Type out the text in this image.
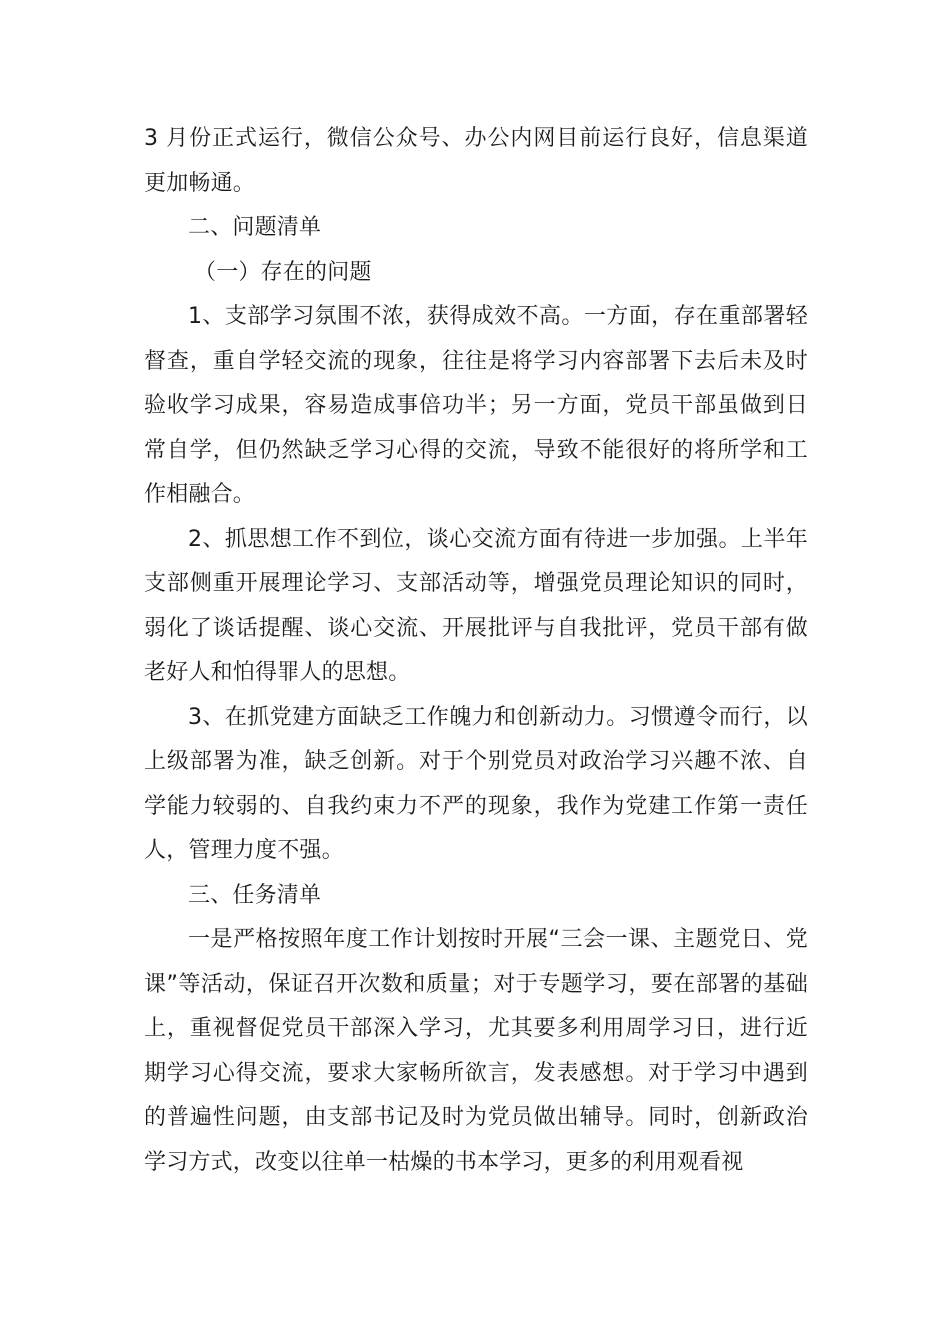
3 月份正式运行，微信公众号、办公内网目前运行良好，信息渠道更加畅通。

二、问题清单

（一）存在的问题

1、支部学习氛围不浓，获得成效不高。一方面，存在重部署轻督查，重自学轻交流的现象，往往是将学习内容部署下去后未及时验收学习成果，容易造成事倍功半；另一方面，党员干部虽做到日常自学，但仍然缺乏学习心得的交流，导致不能很好的将所学和工作相融合。

2、抓思想工作不到位，谈心交流方面有待进一步加强。上半年支部侧重开展理论学习、支部活动等，增强党员理论知识的同时，弱化了谈话提醒、谈心交流、开展批评与自我批评，党员干部有做老好人和怕得罪人的思想。

3、在抓党建方面缺乏工作魄力和创新动力。习惯遵令而行，以上级部署为准，缺乏创新。对于个别党员对政治学习兴趣不浓、自学能力较弱的、自我约束力不严的现象，我作为党建工作第一责任人，管理力度不强。

三、任务清单

一是严格按照年度工作计划按时开展“三会一课、主题党日、党课”等活动，保证召开次数和质量；对于专题学习，要在部署的基础上，重视督促党员干部深入学习，尤其要多利用周学习日，进行近期学习心得交流，要求大家畅所欲言，发表感想。对于学习中遇到的普遍性问题，由支部书记及时为党员做出辅导。同时，创新政治学习方式，改变以往单一枯燥的书本学习，更多的利用观看视
